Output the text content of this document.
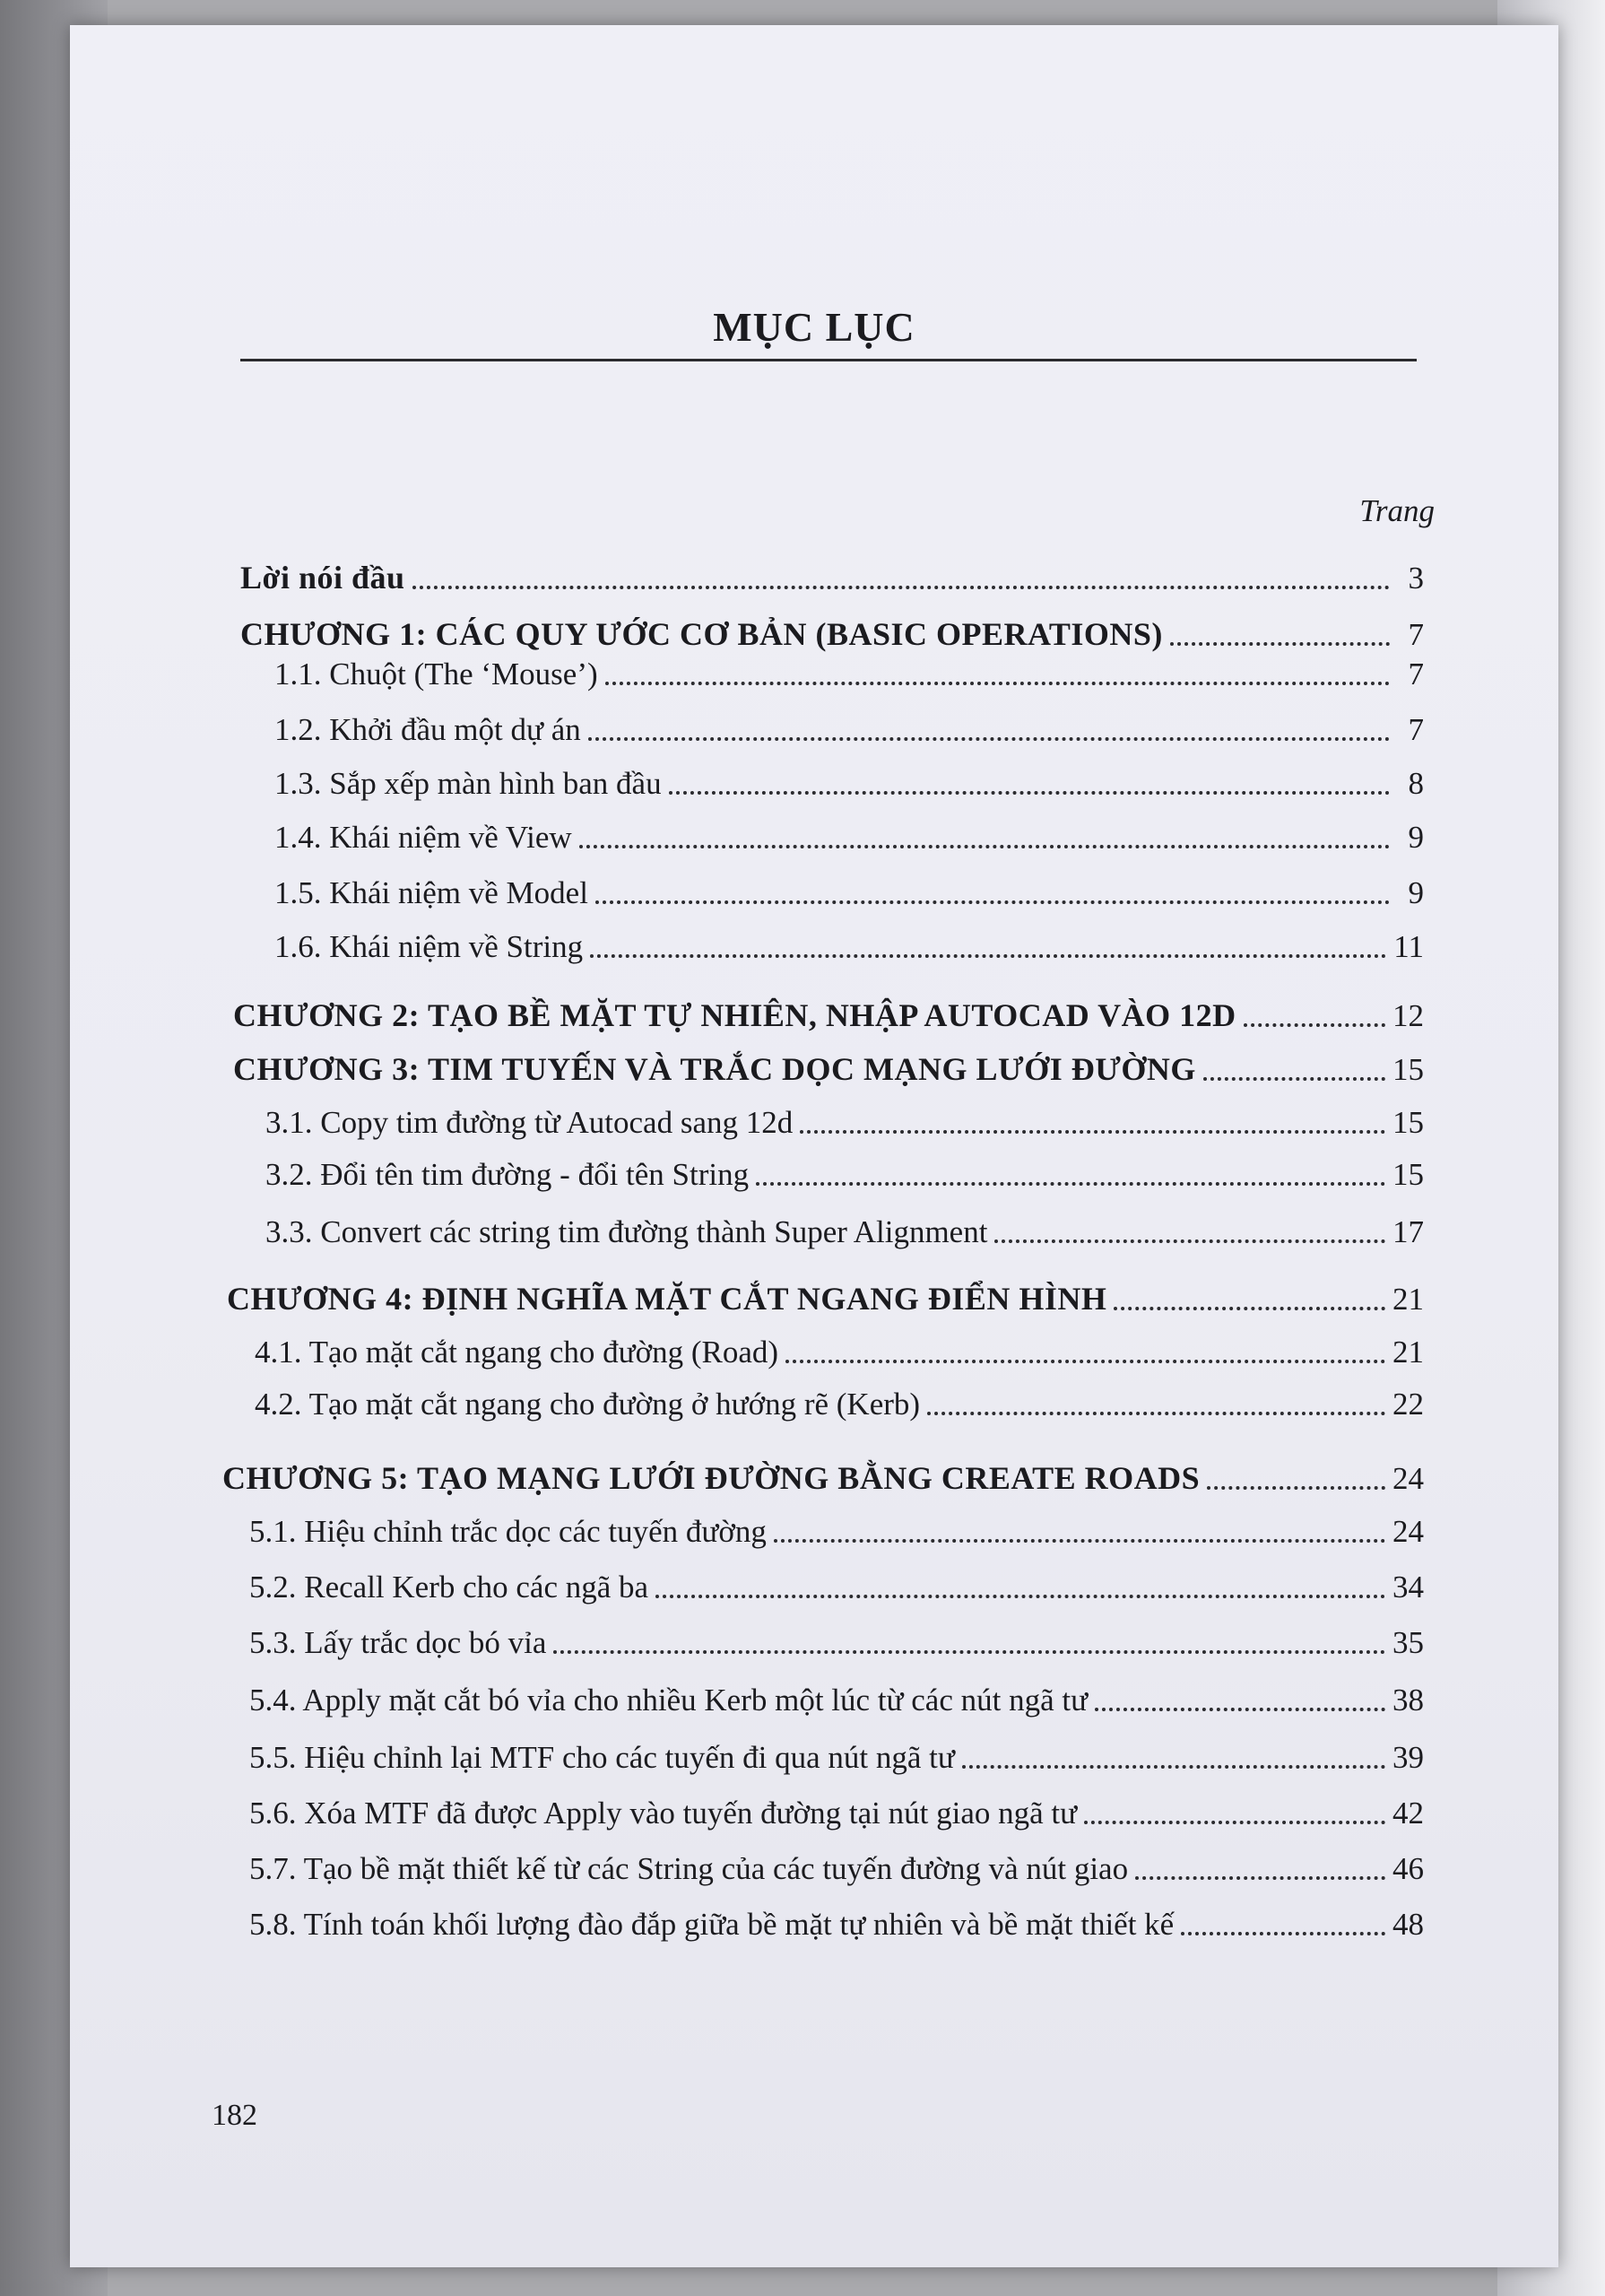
MỤC LỤC
Trang
Lời nói đầu	3
CHƯƠNG 1: CÁC QUY ƯỚC CƠ BẢN (BASIC OPERATIONS)	7
1.1. Chuột (The ‘Mouse’)	7
1.2. Khởi đầu một dự án	7
1.3. Sắp xếp màn hình ban đầu	8
1.4. Khái niệm về View	9
1.5. Khái niệm về Model	9
1.6. Khái niệm về String	11
CHƯƠNG 2: TẠO BỀ MẶT TỰ NHIÊN, NHẬP AUTOCAD VÀO 12D	12
CHƯƠNG 3: TIM TUYẾN VÀ TRẮC DỌC MẠNG LƯỚI ĐƯỜNG	15
3.1. Copy tim đường từ Autocad sang 12d	15
3.2. Đổi tên tim đường - đổi tên String	15
3.3. Convert các string tim đường thành Super Alignment	17
CHƯƠNG 4: ĐỊNH NGHĨA MẶT CẮT NGANG ĐIỂN HÌNH	21
4.1. Tạo mặt cắt ngang cho đường (Road)	21
4.2. Tạo mặt cắt ngang cho đường ở hướng rẽ (Kerb)	22
CHƯƠNG 5: TẠO MẠNG LƯỚI ĐƯỜNG BẰNG CREATE ROADS	24
5.1. Hiệu chỉnh trắc dọc các tuyến đường	24
5.2. Recall Kerb cho các ngã ba	34
5.3. Lấy trắc dọc bó vỉa	35
5.4. Apply mặt cắt bó vỉa cho nhiều Kerb một lúc từ các nút ngã tư	38
5.5. Hiệu chỉnh lại MTF cho các tuyến đi qua nút ngã tư	39
5.6. Xóa MTF đã được Apply vào tuyến đường tại nút giao ngã tư	42
5.7. Tạo bề mặt thiết kế từ các String của các tuyến đường và nút giao	46
5.8. Tính toán khối lượng đào đắp giữa bề mặt tự nhiên và bề mặt thiết kế	48
182
